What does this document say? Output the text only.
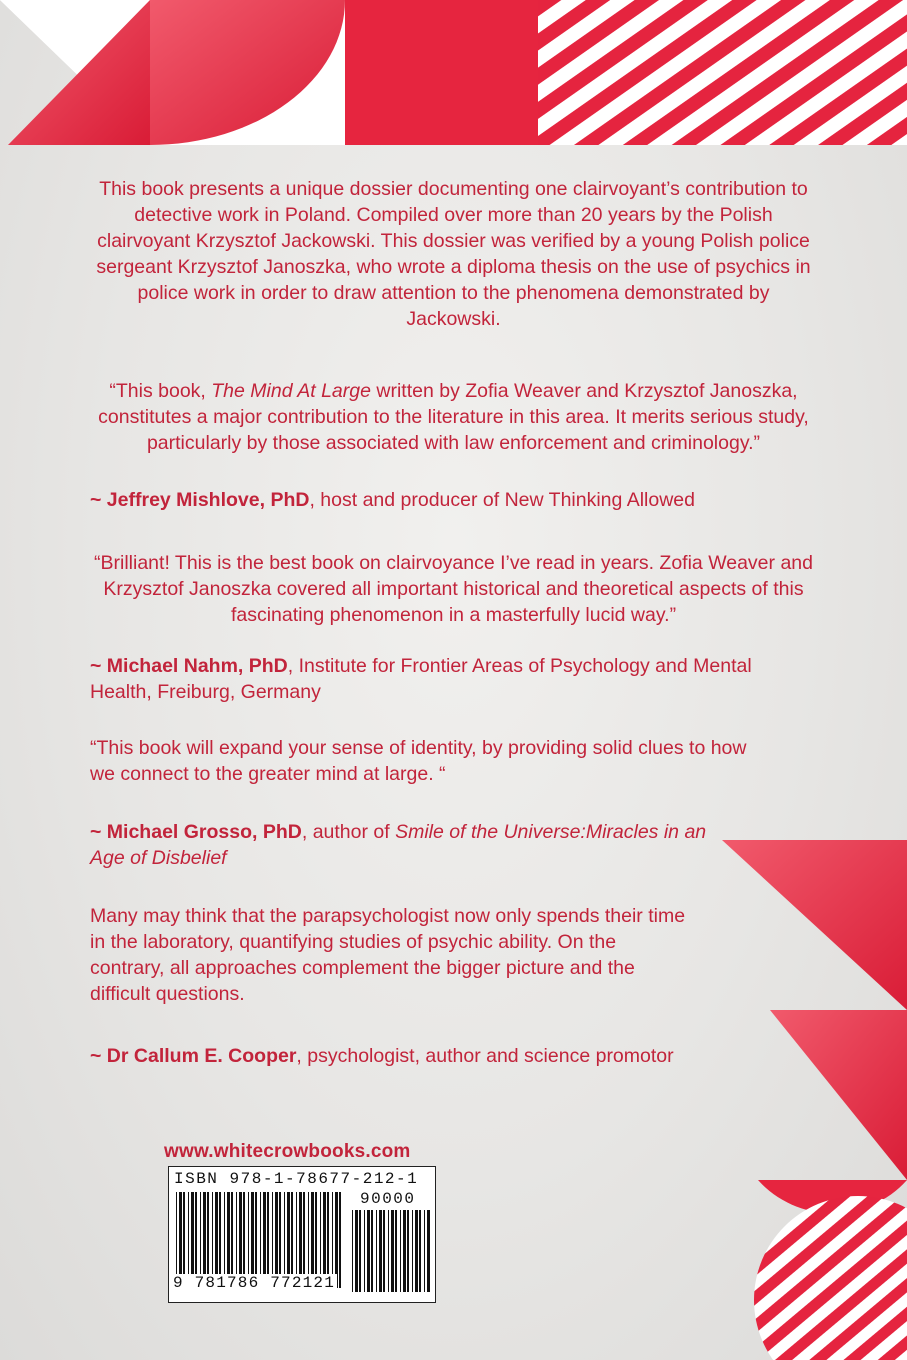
This book presents a unique dossier documenting one clairvoyant’s contribution to detective work in Poland. Compiled over more than 20 years by the Polish clairvoyant Krzysztof Jackowski. This dossier was verified by a young Polish police sergeant Krzysztof Janoszka, who wrote a diploma thesis on the use of psychics in police work in order to draw attention to the phenomena demonstrated by Jackowski.
“This book, The Mind At Large written by Zofia Weaver and Krzysztof Janoszka, constitutes a major contribution to the literature in this area. It merits serious study, particularly by those associated with law enforcement and criminology.”
~ Jeffrey Mishlove, PhD, host and producer of New Thinking Allowed
“Brilliant! This is the best book on clairvoyance I’ve read in years. Zofia Weaver and Krzysztof Janoszka covered all important historical and theoretical aspects of this fascinating phenomenon in a masterfully lucid way.”
~ Michael Nahm, PhD, Institute for Frontier Areas of Psychology and Mental Health, Freiburg, Germany
“This book will expand your sense of identity, by providing solid clues to how we connect to the greater mind at large. “
~ Michael Grosso, PhD, author of Smile of the Universe:Miracles in an Age of Disbelief
Many may think that the parapsychologist now only spends their time in the laboratory, quantifying studies of psychic ability. On the contrary, all approaches complement the bigger picture and the difficult questions.
~ Dr Callum E. Cooper, psychologist, author and science promotor
www.whitecrowbooks.com
ISBN 978-1-78677-212-1
90000
9 781786 772121
